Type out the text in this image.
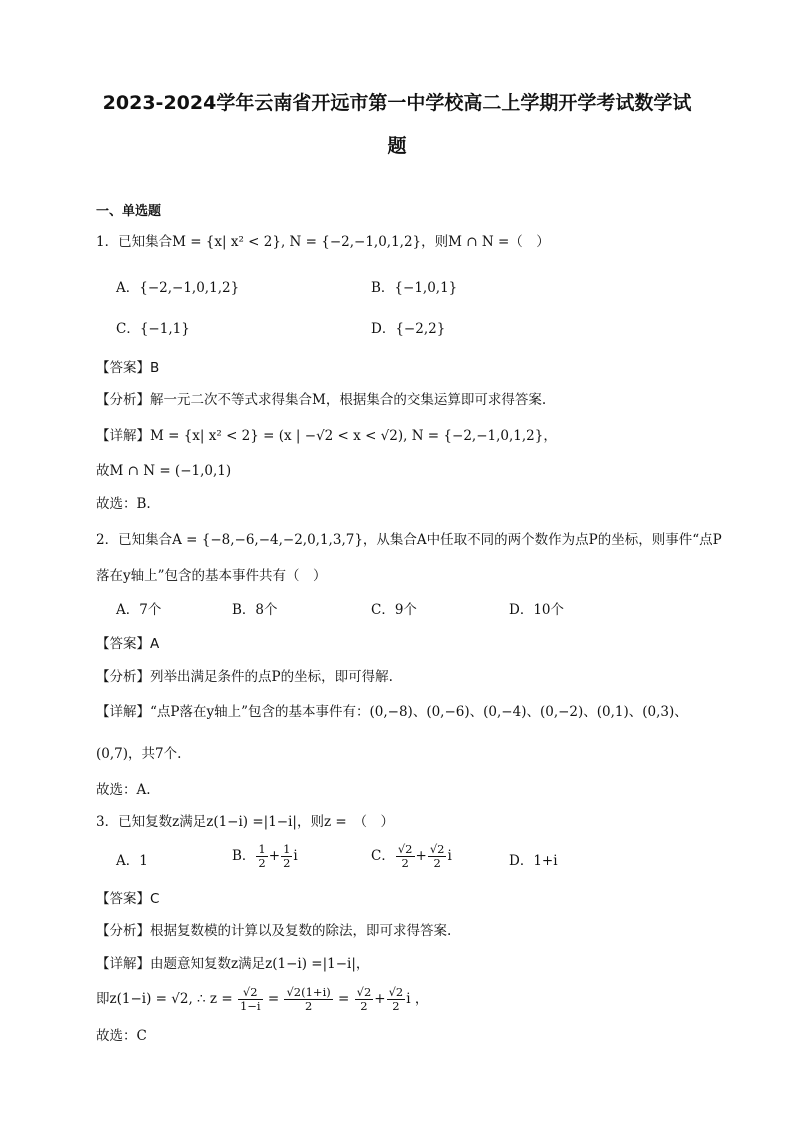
2023-2024学年云南省开远市第一中学校高二上学期开学考试数学试
题
一、单选题
1．已知集合M = {x| x² < 2}, N = {−2,−1,0,1,2}，则M ∩ N =（　）
A．{−2,−1,0,1,2}	B．{−1,0,1}
C．{−1,1}	D．{−2,2}
【答案】B
【分析】解一元二次不等式求得集合M，根据集合的交集运算即可求得答案.
【详解】M = {x| x² < 2} = (x | −√2 < x < √2), N = {−2,−1,0,1,2}，
故M ∩ N = (−1,0,1)
故选：B.
2．已知集合A = {−8,−6,−4,−2,0,1,3,7}，从集合A中任取不同的两个数作为点P的坐标，则事件“点P
落在y轴上”包含的基本事件共有（　）
A．7个	B．8个	C．9个	D．10个
【答案】A
【分析】列举出满足条件的点P的坐标，即可得解.
【详解】“点P落在y轴上”包含的基本事件有：(0,−8)、(0,−6)、(0,−4)、(0,−2)、(0,1)、(0,3)、
(0,7)，共7个.
故选：A.
3．已知复数z满足z(1−i) =|1−i|，则z =　（　）
A．1	B． $\frac{1}{2} + \frac{1}{2}$ i	C． $\frac{√2}{2} + \frac{√2}{2}$ i	D．1+i
【答案】C
【分析】根据复数模的计算以及复数的除法，即可求得答案.
【详解】由题意知复数z满足z(1−i) =|1−i|，
即z(1−i) = √2, ∴ $z = \frac{√2}{1-i} = \frac{√2(1+i)}{2} = \frac{√2}{2} + \frac{√2}{2}$ i ，
故选：C
